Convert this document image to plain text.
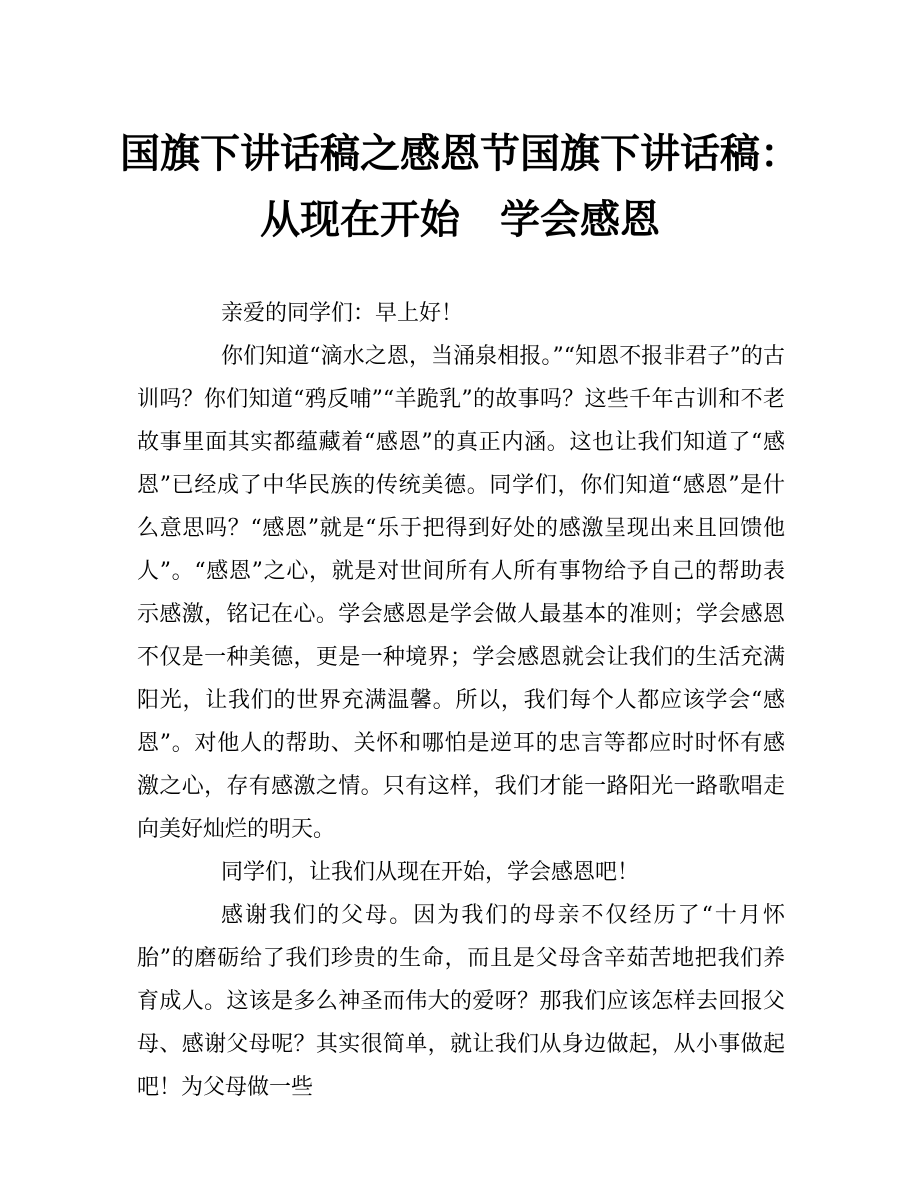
国旗下讲话稿之感恩节国旗下讲话稿：
从现在开始　学会感恩

亲爱的同学们：早上好！

你们知道“滴水之恩，当涌泉相报。”“知恩不报非君子”的古训吗？你们知道“鸦反哺”“羊跪乳”的故事吗？这些千年古训和不老故事里面其实都蕴藏着“感恩”的真正内涵。这也让我们知道了“感恩”已经成了中华民族的传统美德。同学们，你们知道“感恩”是什么意思吗？“感恩”就是“乐于把得到好处的感激呈现出来且回馈他人”。“感恩”之心，就是对世间所有人所有事物给予自己的帮助表示感激，铭记在心。学会感恩是学会做人最基本的准则；学会感恩不仅是一种美德，更是一种境界；学会感恩就会让我们的生活充满阳光，让我们的世界充满温馨。所以，我们每个人都应该学会“感恩”。对他人的帮助、关怀和哪怕是逆耳的忠言等都应时时怀有感激之心，存有感激之情。只有这样，我们才能一路阳光一路歌唱走向美好灿烂的明天。

同学们，让我们从现在开始，学会感恩吧！

感谢我们的父母。因为我们的母亲不仅经历了“十月怀胎”的磨砺给了我们珍贵的生命，而且是父母含辛茹苦地把我们养育成人。这该是多么神圣而伟大的爱呀？那我们应该怎样去回报父母、感谢父母呢？其实很简单，就让我们从身边做起，从小事做起吧！为父母做一些
